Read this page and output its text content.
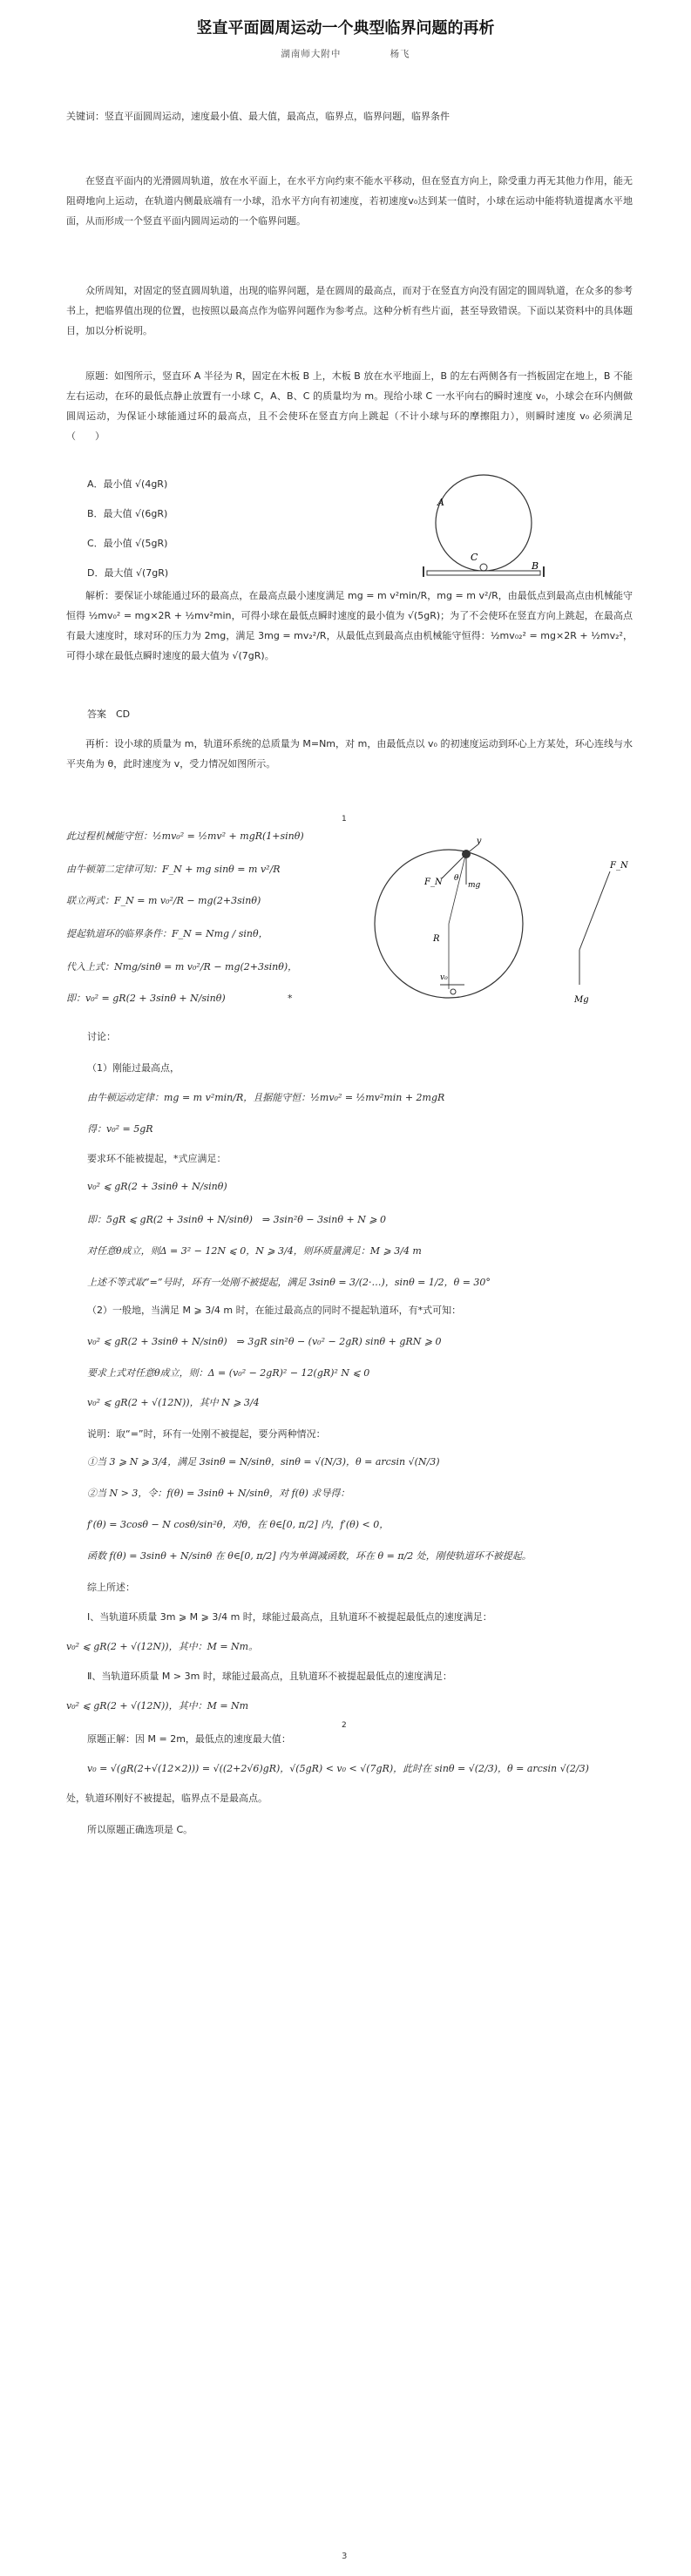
竖直平面圆周运动一个典型临界问题的再析
湖南师大附中	杨飞
关键词：竖直平面圆周运动，速度最小值、最大值，最高点，临界点，临界问题，临界条件
在竖直平面内的光滑圆周轨道，放在水平面上，在水平方向约束不能水平移动，但在竖直方向上，除受重力再无其他力作用，能无阻碍地向上运动，在轨道内侧最底端有一小球，沿水平方向有初速度，若初速度v₀达到某一值时，小球在运动中能将轨道提离水平地面，从而形成一个竖直平面内圆周运动的一个临界问题。
众所周知，对固定的竖直圆周轨道，出现的临界问题，是在圆周的最高点，而对于在竖直方向没有固定的圆周轨道，在众多的参考书上，把临界值出现的位置，也按照以最高点作为临界问题作为参考点。这种分析有些片面，甚至导致错误。下面以某资料中的具体题目，加以分析说明。
原题：如图所示，竖直环 A 半径为 R，固定在木板 B 上，木板 B 放在水平地面上，B 的左右两侧各有一挡板固定在地上，B 不能左右运动，在环的最低点静止放置有一小球 C，A、B、C 的质量均为 m。现给小球 C 一水平向右的瞬时速度 v₀，小球会在环内侧做圆周运动，为保证小球能通过环的最高点，且不会使环在竖直方向上跳起（不计小球与环的摩擦阻力），则瞬时速度 v₀ 必须满足（　　）
A．最小值 √(4gR)
B．最大值 √(6gR)
C．最小值 √(5gR)
D．最大值 √(7gR)
A
C
B
解析：要保证小球能通过环的最高点，在最高点最小速度满足 mg = m v²min/R，mg = m v²/R，由最低点到最高点由机械能守恒得 ½mv₀² = mg×2R + ½mv²min，可得小球在最低点瞬时速度的最小值为 √(5gR)；为了不会使环在竖直方向上跳起，在最高点有最大速度时，球对环的压力为 2mg，满足 3mg = mv₂²/R，从最低点到最高点由机械能守恒得：½mv₀₂² = mg×2R + ½mv₂²，可得小球在最低点瞬时速度的最大值为 √(7gR)。
答案　CD
再析：设小球的质量为 m，轨道环系统的总质量为 M=Nm，对 m，由最低点以 v₀ 的初速度运动到环心上方某处，环心连线与水平夹角为 θ，此时速度为 v，受力情况如图所示。
1
此过程机械能守恒：½mv₀² = ½mv² + mgR(1+sinθ)
由牛顿第二定律可知：F_N + mg sinθ = m v²/R
联立两式：F_N = m v₀²/R − mg(2+3sinθ)
提起轨道环的临界条件：F_N = Nmg / sinθ，
代入上式：Nmg/sinθ = m v₀²/R − mg(2+3sinθ)，
即：v₀² = gR(2 + 3sinθ + N/sinθ)	*
v
F_N θ
mg
R
v₀
F_N
Mg
讨论：
（1）刚能过最高点，
由牛顿运动定律：mg = m v²min/R，且据能守恒：½mv₀² = ½mv²min + 2mgR
得：v₀² = 5gR
要求环不能被提起，*式应满足：
v₀² ⩽ gR(2 + 3sinθ + N/sinθ)
即：5gR ⩽ gR(2 + 3sinθ + N/sinθ)　⇒ 3sin²θ − 3sinθ + N ⩾ 0
对任意θ成立，则Δ = 3² − 12N ⩽ 0，N ⩾ 3/4，则环质量满足：M ⩾ 3/4 m
上述不等式取“=”号时，环有一处刚不被提起，满足 3sinθ = 3/(2·…)，sinθ = 1/2，θ = 30°
（2）一般地，当满足 M ⩾ 3/4 m 时，在能过最高点的同时不提起轨道环，有*式可知：
v₀² ⩽ gR(2 + 3sinθ + N/sinθ)　⇒ 3gR sin²θ − (v₀² − 2gR) sinθ + gRN ⩾ 0
要求上式对任意θ成立，则：Δ = (v₀² − 2gR)² − 12(gR)² N ⩽ 0
v₀² ⩽ gR(2 + √(12N))，其中 N ⩾ 3/4
说明：取“=”时，环有一处刚不被提起，要分两种情况：
①当 3 ⩾ N ⩾ 3/4，满足 3sinθ = N/sinθ，sinθ = √(N/3)，θ = arcsin √(N/3)
②当 N > 3，令：f(θ) = 3sinθ + N/sinθ，对 f(θ) 求导得：
f′(θ) = 3cosθ − N cosθ/sin²θ，对θ，在 θ∈[0, π/2] 内，f′(θ) < 0，
函数 f(θ) = 3sinθ + N/sinθ 在 θ∈[0, π/2] 内为单调减函数，环在 θ = π/2 处，刚使轨道环不被提起。
综上所述：
Ⅰ、当轨道环质量 3m ⩾ M ⩾ 3/4 m 时，球能过最高点，且轨道环不被提起最低点的速度满足：
v₀² ⩽ gR(2 + √(12N))，其中：M = Nm。
Ⅱ、当轨道环质量 M > 3m 时，球能过最高点，且轨道环不被提起最低点的速度满足：
v₀² ⩽ gR(2 + √(12N))，其中：M = Nm
2
原题正解：因 M = 2m，最低点的速度最大值：
v₀ = √(gR(2+√(12×2))) = √((2+2√6)gR)，√(5gR) < v₀ < √(7gR)，此时在 sinθ = √(2/3)，θ = arcsin √(2/3)
处，轨道环刚好不被提起，临界点不是最高点。
所以原题正确选项是 C。
3
